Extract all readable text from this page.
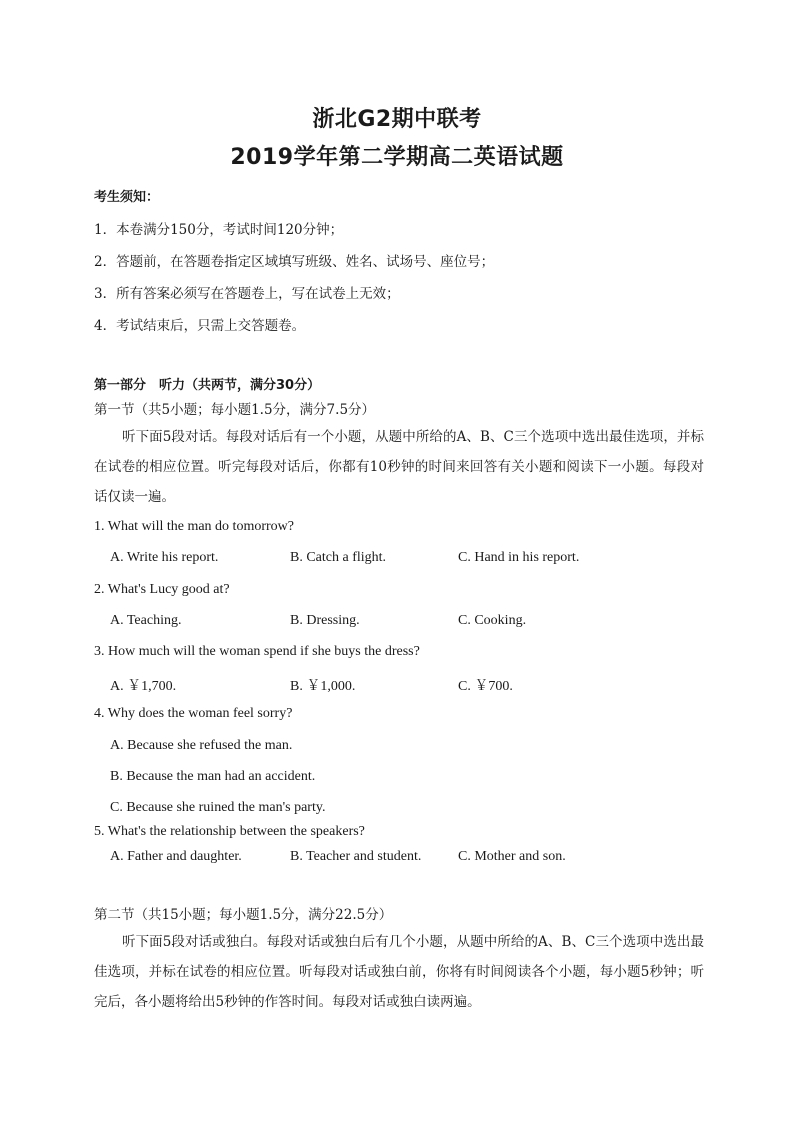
浙北G2期中联考
2019学年第二学期高二英语试题
考生须知：
1．本卷满分150分，考试时间120分钟；
2．答题前，在答题卷指定区域填写班级、姓名、试场号、座位号；
3．所有答案必须写在答题卷上，写在试卷上无效；
4．考试结束后，只需上交答题卷。
第一部分　听力（共两节，满分30分）
第一节（共5小题；每小题1.5分，满分7.5分）
听下面5段对话。每段对话后有一个小题，从题中所给的A、B、C三个选项中选出最佳选项，并标在试卷的相应位置。听完每段对话后，你都有10秒钟的时间来回答有关小题和阅读下一小题。每段对话仅读一遍。
1. What will the man do tomorrow?
A. Write his report.	B. Catch a flight.	C. Hand in his report.
2. What's Lucy good at?
A. Teaching.	B. Dressing.	C. Cooking.
3. How much will the woman spend if she buys the dress?
A. ￥1,700.	B. ￥1,000.	C. ￥700.
4. Why does the woman feel sorry?
A. Because she refused the man.
B. Because the man had an accident.
C. Because she ruined the man's party.
5. What's the relationship between the speakers?
A. Father and daughter.	B. Teacher and student.	C. Mother and son.
第二节（共15小题；每小题1.5分，满分22.5分）
听下面5段对话或独白。每段对话或独白后有几个小题，从题中所给的A、B、C三个选项中选出最佳选项，并标在试卷的相应位置。听每段对话或独白前，你将有时间阅读各个小题，每小题5秒钟；听完后，各小题将给出5秒钟的作答时间。每段对话或独白读两遍。
